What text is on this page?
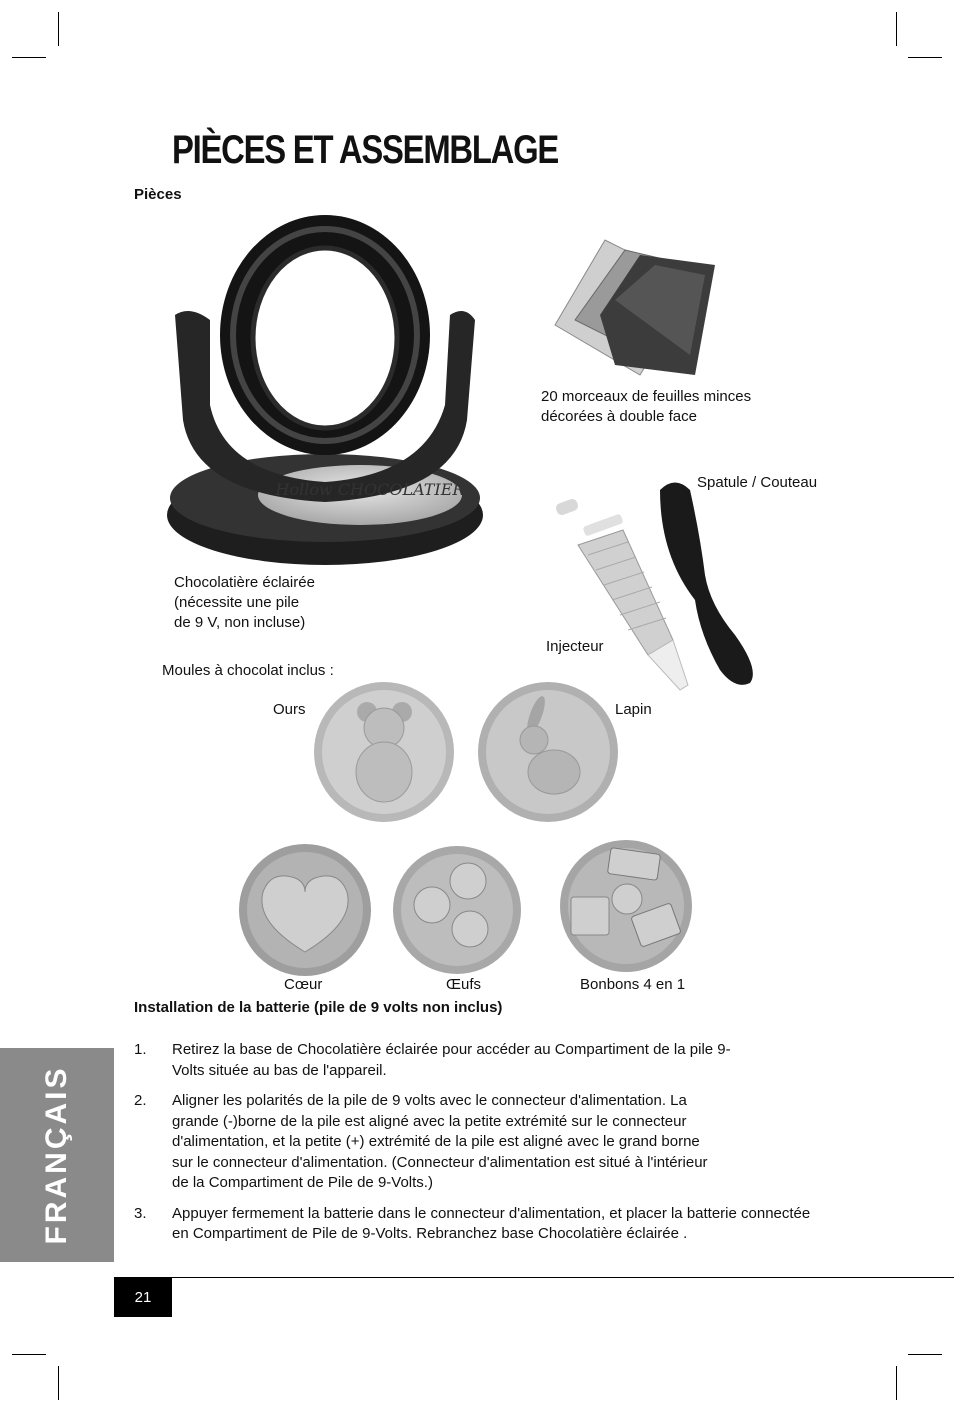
PIÈCES ET ASSEMBLAGE
Pièces
Hollow CHOCOLATIER
20 morceaux de feuilles minces
décorées à double face
Spatule / Couteau
Chocolatière éclairée
(nécessite une pile
de 9 V, non incluse)
Injecteur
Moules à chocolat inclus :
Ours	Lapin
Cœur	Œufs	Bonbons 4 en 1
Installation de la batterie (pile de 9 volts non inclus)
1.	Retirez la base de Chocolatière éclairée pour accéder au Compartiment de la pile 9-Volts située au bas de l'appareil.
2.	Aligner les polarités de la pile de 9 volts avec le connecteur d'alimentation. La grande (-)borne de la pile est aligné avec la petite extrémité sur le connecteur d'alimentation, et la petite (+) extrémité de la pile est aligné avec le grand borne sur le connecteur d'alimentation. (Connecteur d'alimentation est situé à l'intérieur de la Compartiment de Pile de 9-Volts.)
3.	Appuyer fermement la batterie dans le connecteur d'alimentation, et placer la batterie connectée en Compartiment de Pile de 9-Volts. Rebranchez base Chocolatière éclairée .
FRANÇAIS
21
